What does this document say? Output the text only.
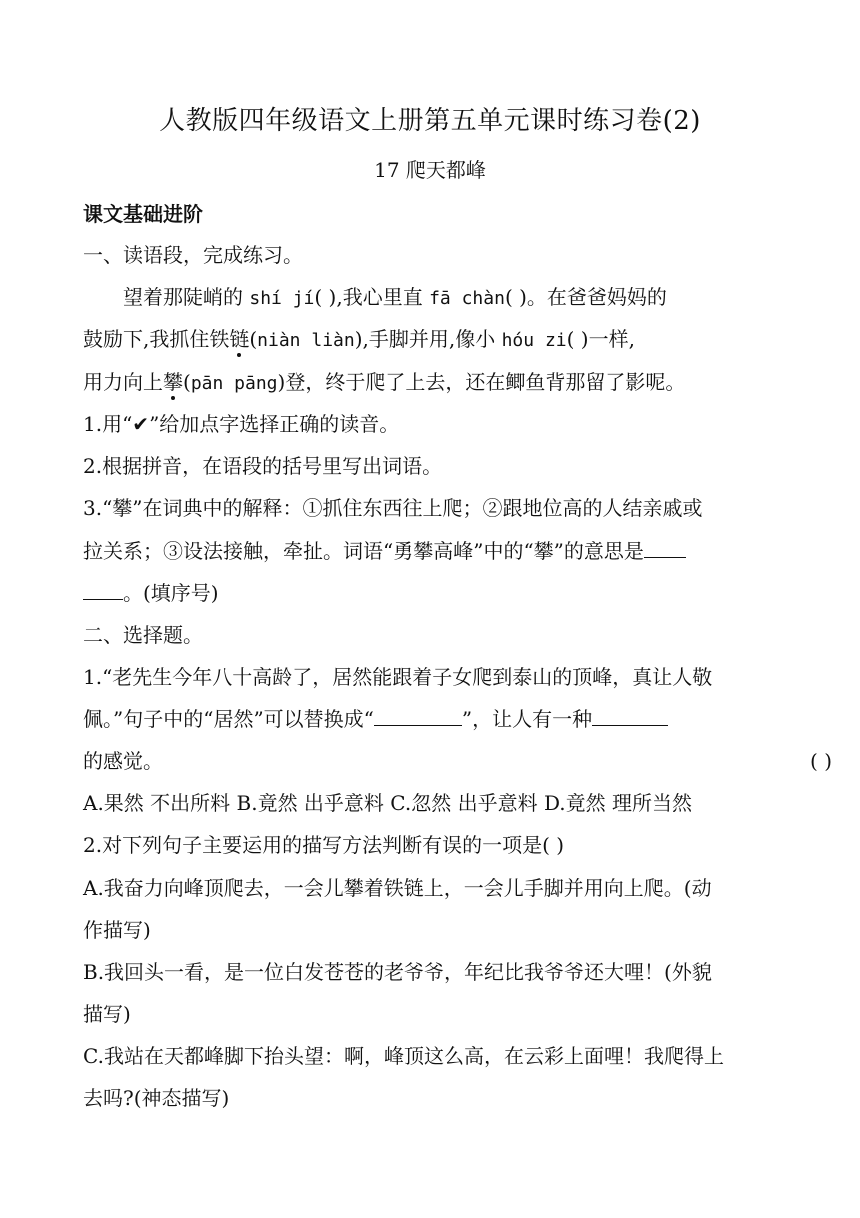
人教版四年级语文上册第五单元课时练习卷(2)
17 爬天都峰
课文基础进阶
一、读语段，完成练习。
望着那陡峭的 shí jí( ),我心里直 fā chàn( )。在爸爸妈妈的
鼓励下,我抓住铁链(niàn liàn),手脚并用,像小 hóu zi( )一样,
用力向上攀(pān pāng)登，终于爬了上去，还在鲫鱼背那留了影呢。
1.用“✔”给加点字选择正确的读音。
2.根据拼音，在语段的括号里写出词语。
3.“攀”在词典中的解释：①抓住东西往上爬；②跟地位高的人结亲戚或
拉关系；③设法接触，牵扯。词语“勇攀高峰”中的“攀”的意思是
。(填序号)
二、选择题。
1.“老先生今年八十高龄了，居然能跟着子女爬到泰山的顶峰，真让人敬
佩。”句子中的“居然”可以替换成“	”，让人有一种
的感觉。	( )
A.果然 不出所料 B.竟然 出乎意料 C.忽然 出乎意料 D.竟然 理所当然
2.对下列句子主要运用的描写方法判断有误的一项是( )
A.我奋力向峰顶爬去，一会儿攀着铁链上，一会儿手脚并用向上爬。(动
作描写)
B.我回头一看，是一位白发苍苍的老爷爷，年纪比我爷爷还大哩！(外貌
描写)
C.我站在天都峰脚下抬头望：啊，峰顶这么高，在云彩上面哩！我爬得上
去吗?(神态描写)
